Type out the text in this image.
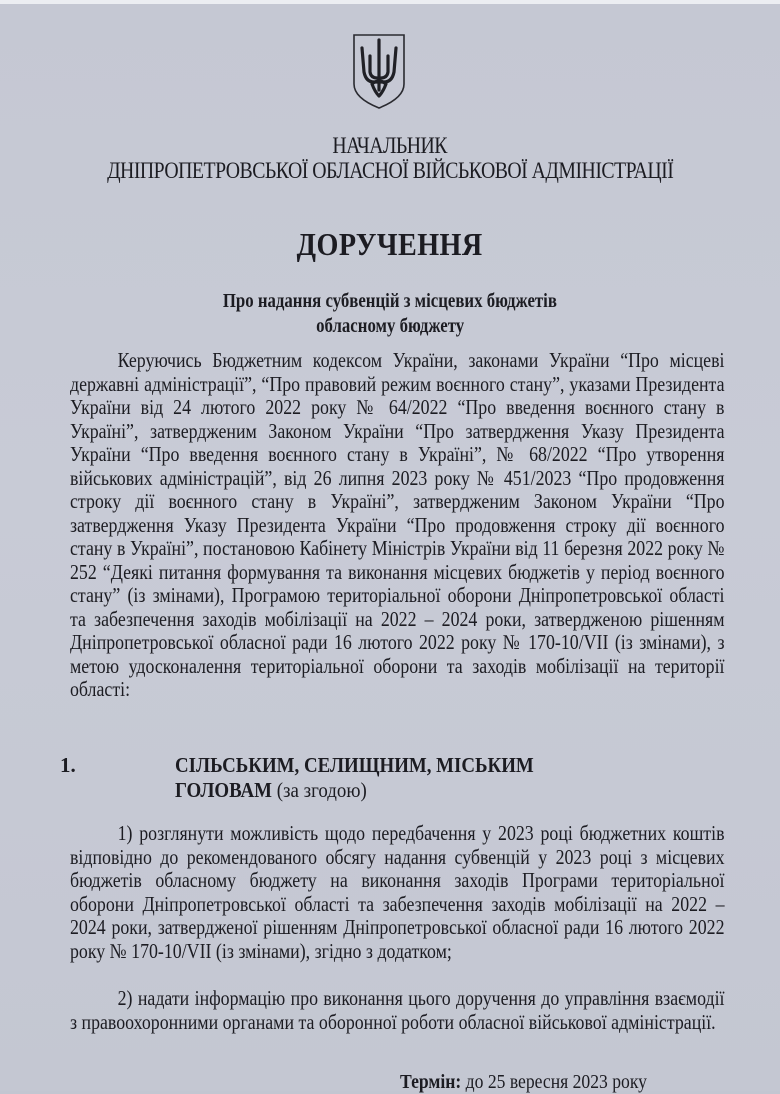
НАЧАЛЬНИК
ДНІПРОПЕТРОВСЬКОЇ ОБЛАСНОЇ ВІЙСЬКОВОЇ АДМІНІСТРАЦІЇ
ДОРУЧЕННЯ
Про надання субвенцій з місцевих бюджетів
обласному бюджету

Керуючись Бюджетним кодексом України, законами України “Про місцеві державні адміністрації”, “Про правовий режим воєнного стану”, указами Президента України від 24 лютого 2022 року № 64/2022 “Про введення воєнного стану в Україні”, затвердженим Законом України “Про затвердження Указу Президента України “Про введення воєнного стану в Україні”, № 68/2022 “Про утворення військових адміністрацій”, від 26 липня 2023 року № 451/2023 “Про продовження строку дії воєнного стану в Україні”, затвердженим Законом України “Про затвердження Указу Президента України “Про продовження строку дії воєнного стану в Україні”, постановою Кабінету Міністрів України від 11 березня 2022 року № 252 “Деякі питання формування та виконання місцевих бюджетів у період воєнного стану” (із змінами), Програмою територіальної оборони Дніпропетровської області та забезпечення заходів мобілізації на 2022 – 2024 роки, затвердженою рішенням Дніпропетровської обласної ради 16 лютого 2022 року № 170-10/VII (із змінами), з метою удосконалення територіальної оборони та заходів мобілізації на території області:

1.	СІЛЬСЬКИМ, СЕЛИЩНИМ, МІСЬКИМ
ГОЛОВАМ (за згодою)

1) розглянути можливість щодо передбачення у 2023 році бюджетних коштів відповідно до рекомендованого обсягу надання субвенцій у 2023 році з місцевих бюджетів обласному бюджету на виконання заходів Програми територіальної оборони Дніпропетровської області та забезпечення заходів мобілізації на 2022 – 2024 роки, затвердженої рішенням Дніпропетровської обласної ради 16 лютого 2022 року № 170-10/VII (із змінами), згідно з додатком;

2) надати інформацію про виконання цього доручення до управління взаємодії з правоохоронними органами та оборонної роботи обласної військової адміністрації.

Термін: до 25 вересня 2023 року
